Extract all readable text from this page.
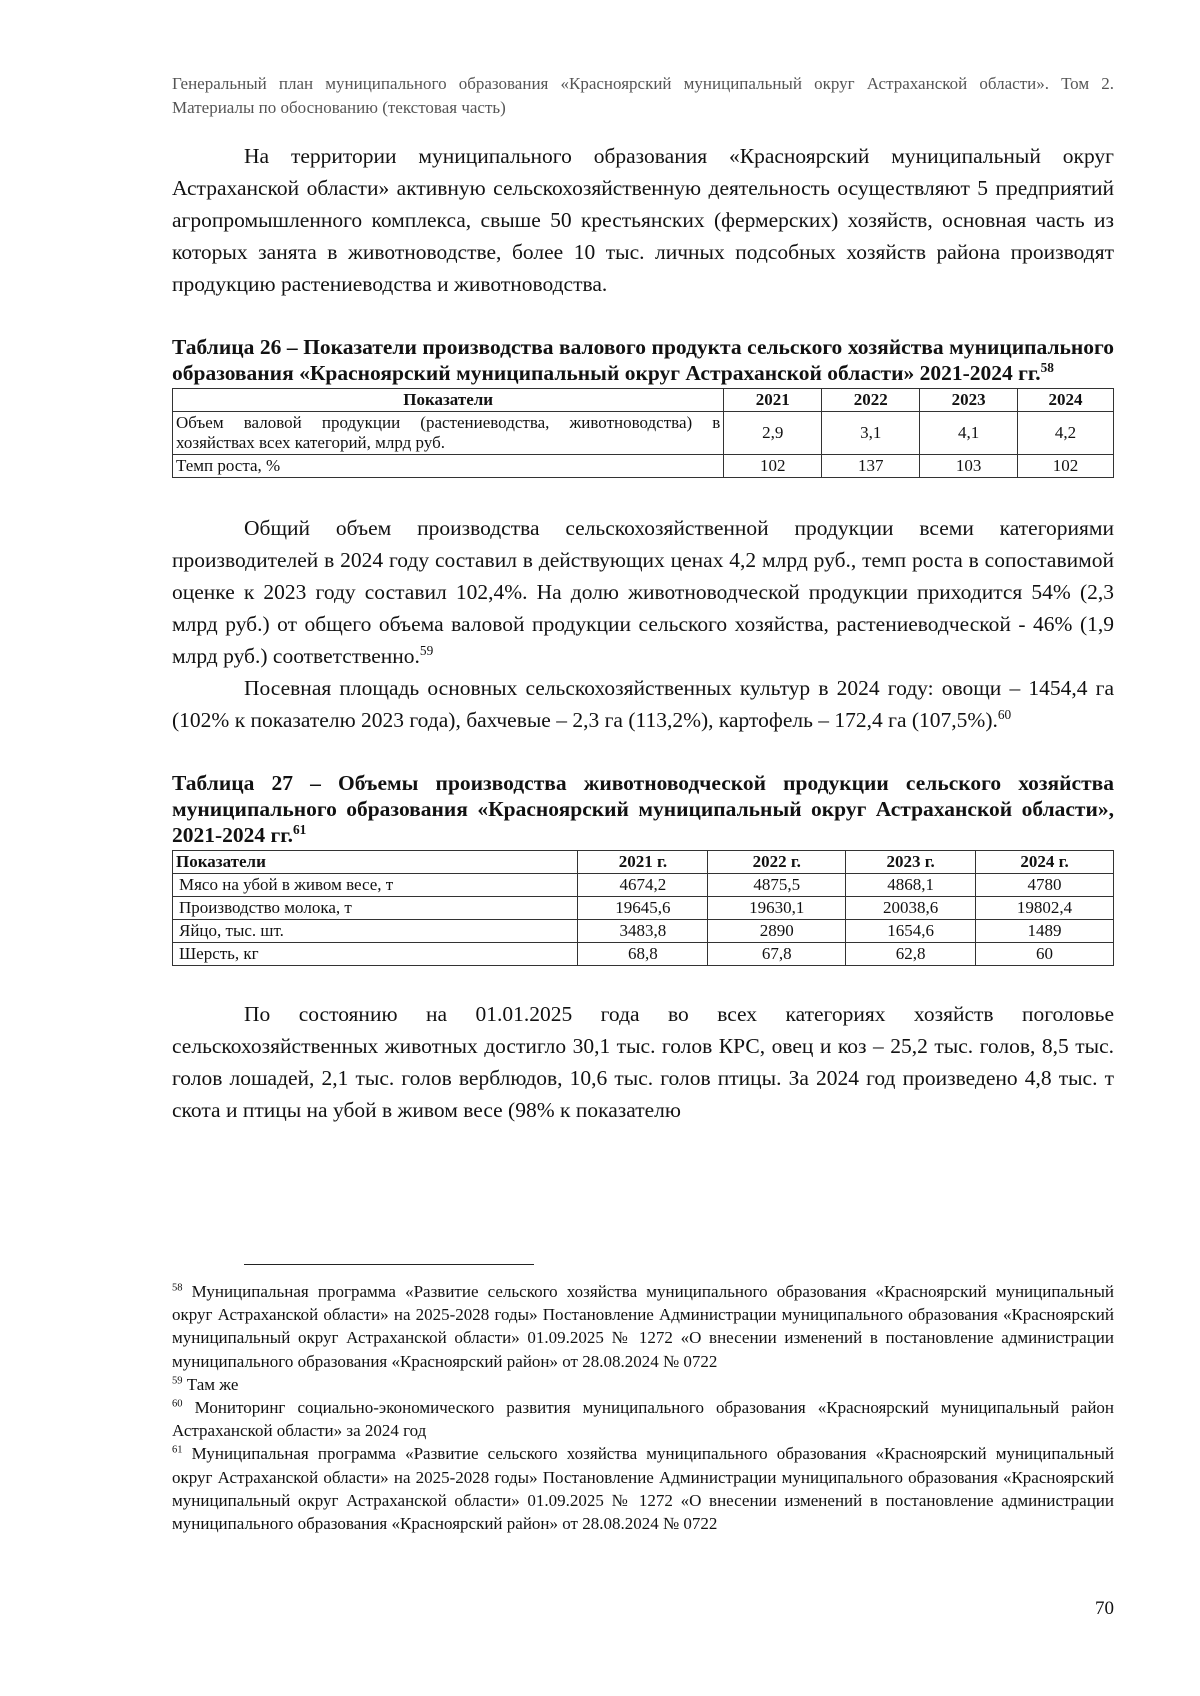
Генеральный план муниципального образования «Красноярский муниципальный округ Астраханской области». Том 2. Материалы по обоснованию (текстовая часть)

На территории муниципального образования «Красноярский муниципальный округ Астраханской области» активную сельскохозяйственную деятельность осуществляют 5 предприятий агропромышленного комплекса, свыше 50 крестьянских (фермерских) хозяйств, основная часть из которых занята в животноводстве, более 10 тыс. личных подсобных хозяйств района производят продукцию растениеводства и животноводства.

Таблица 26 – Показатели производства валового продукта сельского хозяйства муниципального образования «Красноярский муниципальный округ Астраханской области» 2021-2024 гг.$^{58}$

Показатели	2021	2022	2023	2024
Объем валовой продукции (растениеводства, животноводства) в хозяйствах всех категорий, млрд руб.	2,9	3,1	4,1	4,2
Темп роста, %	102	137	103	102

Общий объем производства сельскохозяйственной продукции всеми категориями производителей в 2024 году составил в действующих ценах 4,2 млрд руб., темп роста в сопоставимой оценке к 2023 году составил 102,4%. На долю животноводческой продукции приходится 54% (2,3 млрд руб.) от общего объема валовой продукции сельского хозяйства, растениеводческой - 46% (1,9 млрд руб.) соответственно.$^{59}$

Посевная площадь основных сельскохозяйственных культур в 2024 году: овощи – 1454,4 га (102% к показателю 2023 года), бахчевые – 2,3 га (113,2%), картофель – 172,4 га (107,5%).$^{60}$

Таблица 27 – Объемы производства животноводческой продукции сельского хозяйства муниципального образования «Красноярский муниципальный округ Астраханской области», 2021-2024 гг.$^{61}$

Показатели	2021 г.	2022 г.	2023 г.	2024 г.
Мясо на убой в живом весе, т	4674,2	4875,5	4868,1	4780
Производство молока, т	19645,6	19630,1	20038,6	19802,4
Яйцо, тыс. шт.	3483,8	2890	1654,6	1489
Шерсть, кг	68,8	67,8	62,8	60

По состоянию на 01.01.2025 года во всех категориях хозяйств поголовье сельскохозяйственных животных достигло 30,1 тыс. голов КРС, овец и коз – 25,2 тыс. голов, 8,5 тыс. голов лошадей, 2,1 тыс. голов верблюдов, 10,6 тыс. голов птицы. За 2024 год произведено 4,8 тыс. т скота и птицы на убой в живом весе (98% к показателю

$^{58}$ Муниципальная программа «Развитие сельского хозяйства муниципального образования «Красноярский муниципальный округ Астраханской области» на 2025-2028 годы» Постановление Администрации муниципального образования «Красноярский муниципальный округ Астраханской области» 01.09.2025 № 1272 «О внесении изменений в постановление администрации муниципального образования «Красноярский район» от 28.08.2024 № 0722

$^{59}$ Там же

$^{60}$ Мониторинг социально-экономического развития муниципального образования «Красноярский муниципальный район Астраханской области» за 2024 год

$^{61}$ Муниципальная программа «Развитие сельского хозяйства муниципального образования «Красноярский муниципальный округ Астраханской области» на 2025-2028 годы» Постановление Администрации муниципального образования «Красноярский муниципальный округ Астраханской области» 01.09.2025 № 1272 «О внесении изменений в постановление администрации муниципального образования «Красноярский район» от 28.08.2024 № 0722

70
